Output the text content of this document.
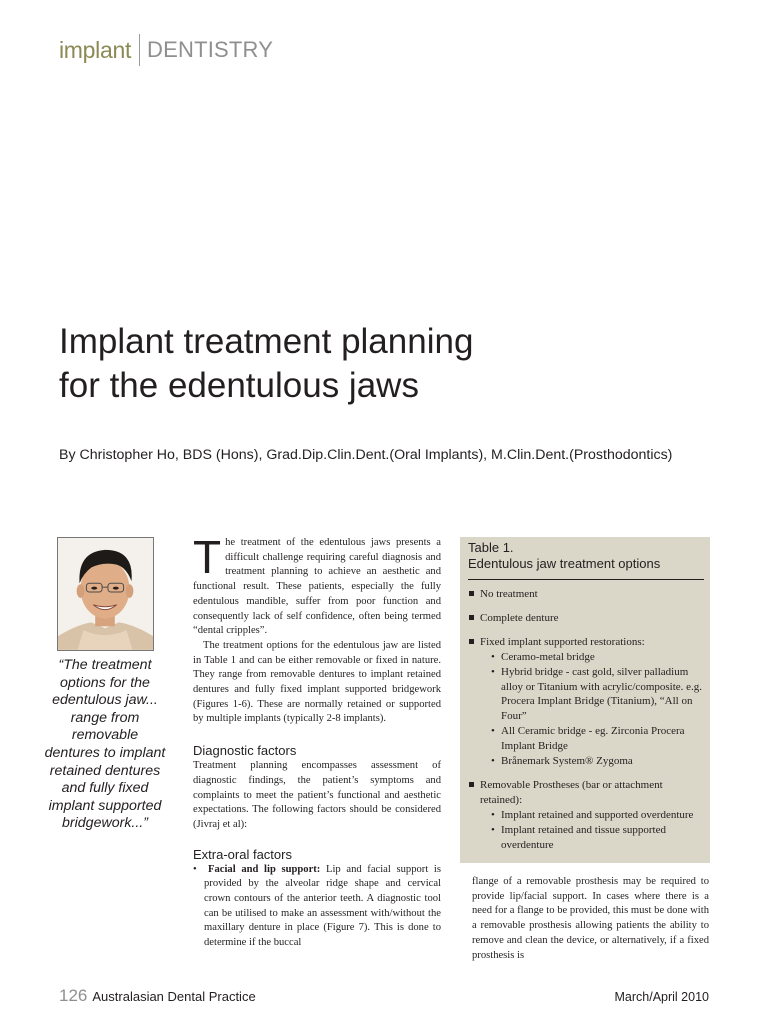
implant DENTISTRY
Implant treatment planning
for the edentulous jaws
By Christopher Ho, BDS (Hons), Grad.Dip.Clin.Dent.(Oral Implants), M.Clin.Dent.(Prosthodontics)
“The treatment options for the edentulous jaw... range from removable dentures to implant retained dentures and fully fixed implant supported bridgework...”
T he treatment of the edentulous jaws presents a difficult challenge requiring careful diagnosis and treatment planning to achieve an aesthetic and functional result. These patients, especially the fully edentulous mandible, suffer from poor function and consequently lack of self confidence, often being termed “dental cripples”.

The treatment options for the edentulous jaw are listed in Table 1 and can be either removable or fixed in nature. They range from removable dentures to implant retained dentures and fully fixed implant supported bridgework (Figures 1-6). These are normally retained or supported by multiple implants (typically 2-8 implants).

Diagnostic factors

Treatment planning encompasses assessment of diagnostic findings, the patient’s symptoms and complaints to meet the patient’s functional and aesthetic expectations. The following factors should be considered (Jivraj et al):

Extra-oral factors

•  Facial and lip support: Lip and facial support is provided by the alveolar ridge shape and cervical crown contours of the anterior teeth. A diagnostic tool can be utilised to make an assessment with/without the maxillary denture in place (Figure 7). This is done to determine if the buccal

Table 1.
Edentulous jaw treatment options
No treatment
Complete denture
Fixed implant supported restorations:
• Ceramo-metal bridge
• Hybrid bridge - cast gold, silver palladium alloy or Titanium with acrylic/composite. e.g. Procera Implant Bridge (Titanium), “All on Four”
• All Ceramic bridge - eg. Zirconia Procera Implant Bridge
• Brånemark System® Zygoma
Removable Prostheses (bar or attachment retained):
• Implant retained and supported overdenture
• Implant retained and tissue supported overdenture

flange of a removable prosthesis may be required to provide lip/facial support. In cases where there is a need for a flange to be provided, this must be done with a removable prosthesis allowing patients the ability to remove and clean the device, or alternatively, if a fixed prosthesis is

126 Australasian Dental Practice	March/April 2010
